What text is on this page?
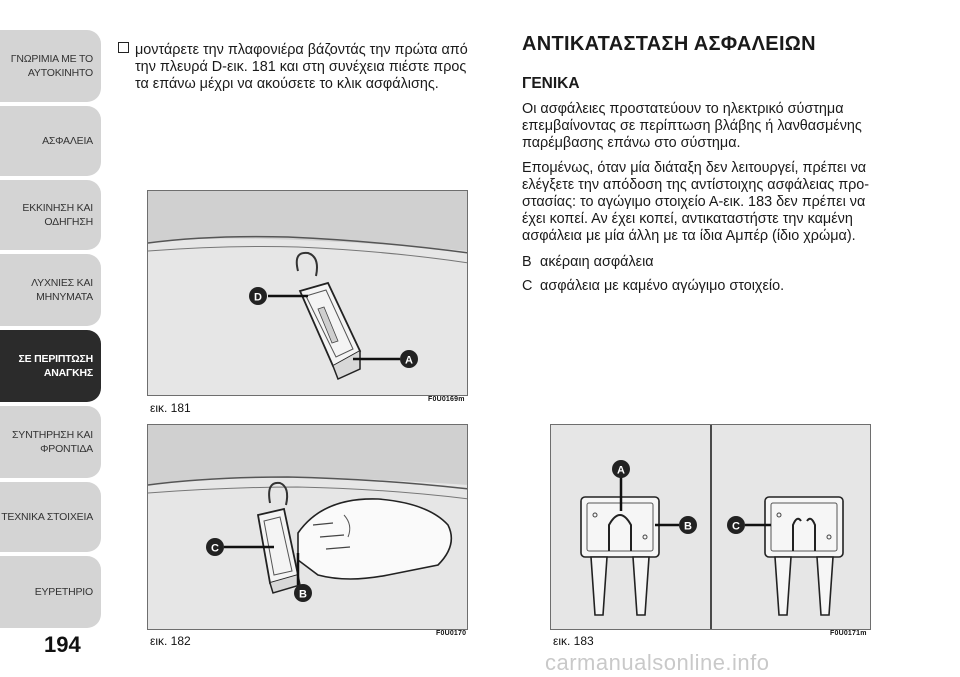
ΓΝΩΡΙΜΙΑ ΜΕ ΤΟ
ΑΥΤΟΚΙΝΗΤΟ
ΑΣΦΑΛΕΙΑ
ΕΚΚΙΝΗΣΗ ΚΑΙ
ΟΔΗΓΗΣΗ
ΛΥΧΝΙΕΣ ΚΑΙ
ΜΗΝΥΜΑΤΑ
ΣΕ ΠΕΡΙΠΤΩΣΗ
ΑΝΑΓΚΗΣ
ΣΥΝΤΗΡΗΣΗ ΚΑΙ
ΦΡΟΝΤΙΔΑ
ΤΕΧΝΙΚΑ ΣΤΟΙΧΕΙΑ
ΕΥΡΕΤΗΡΙΟ
194
μοντάρετε την πλαφονιέρα βάζοντάς την πρώτα από
την πλευρά D-εικ. 181 και στη συνέχεια πιέστε προς
τα επάνω μέχρι να ακούσετε το κλικ ασφάλισης.
D
A
εικ. 181
F0U0169m
C
B
εικ. 182
F0U0170
ΑΝΤΙΚΑΤΑΣΤΑΣΗ ΑΣΦΑΛΕΙΩΝ
ΓΕΝΙΚΑ
Οι ασφάλειες προστατεύουν το ηλεκτρικό σύστημα
επεμβαίνοντας σε περίπτωση βλάβης ή λανθασμένης
παρέμβασης επάνω στο σύστημα.
Επομένως, όταν μία διάταξη δεν λειτουργεί, πρέπει να
ελέγξετε την απόδοση της αντίστοιχης ασφάλειας προ-
στασίας: το αγώγιμο στοιχείο Α-εικ. 183 δεν πρέπει να
έχει κοπεί. Αν έχει κοπεί, αντικαταστήστε την καμένη
ασφάλεια με μία άλλη με τα ίδια Αμπέρ (ίδιο χρώμα).
B ακέραιη ασφάλεια
C ασφάλεια με καμένο αγώγιμο στοιχείο.
A
B	C
εικ. 183
F0U0171m
carmanualsonline.info
